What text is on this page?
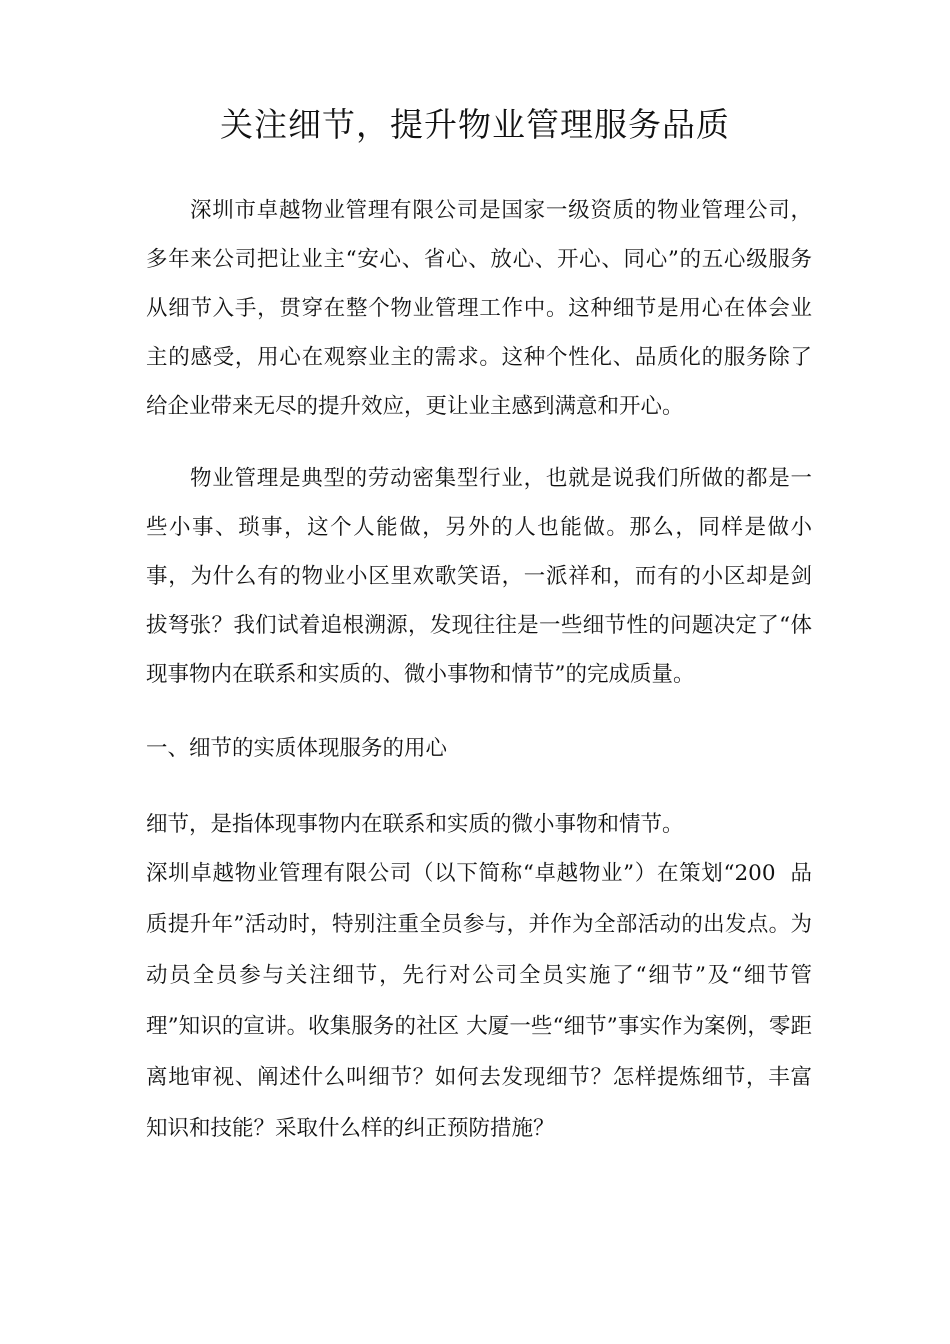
关注细节，提升物业管理服务品质

深圳市卓越物业管理有限公司是国家一级资质的物业管理公司，多年来公司把让业主“安心、省心、放心、开心、同心”的五心级服务从细节入手，贯穿在整个物业管理工作中。这种细节是用心在体会业主的感受，用心在观察业主的需求。这种个性化、品质化的服务除了给企业带来无尽的提升效应，更让业主感到满意和开心。

物业管理是典型的劳动密集型行业，也就是说我们所做的都是一些小事、琐事，这个人能做，另外的人也能做。那么，同样是做小事，为什么有的物业小区里欢歌笑语，一派祥和，而有的小区却是剑拔弩张？我们试着追根溯源，发现往往是一些细节性的问题决定了“体现事物内在联系和实质的、微小事物和情节”的完成质量。

一、细节的实质体现服务的用心

细节，是指体现事物内在联系和实质的微小事物和情节。

深圳卓越物业管理有限公司（以下简称“卓越物业”）在策划“200  品质提升年”活动时，特别注重全员参与，并作为全部活动的出发点。为动员全员参与关注细节，先行对公司全员实施了“细节”及“细节管理”知识的宣讲。收集服务的社区 大厦一些“细节”事实作为案例，零距离地审视、阐述什么叫细节？如何去发现细节？怎样提炼细节，丰富知识和技能？采取什么样的纠正预防措施？
